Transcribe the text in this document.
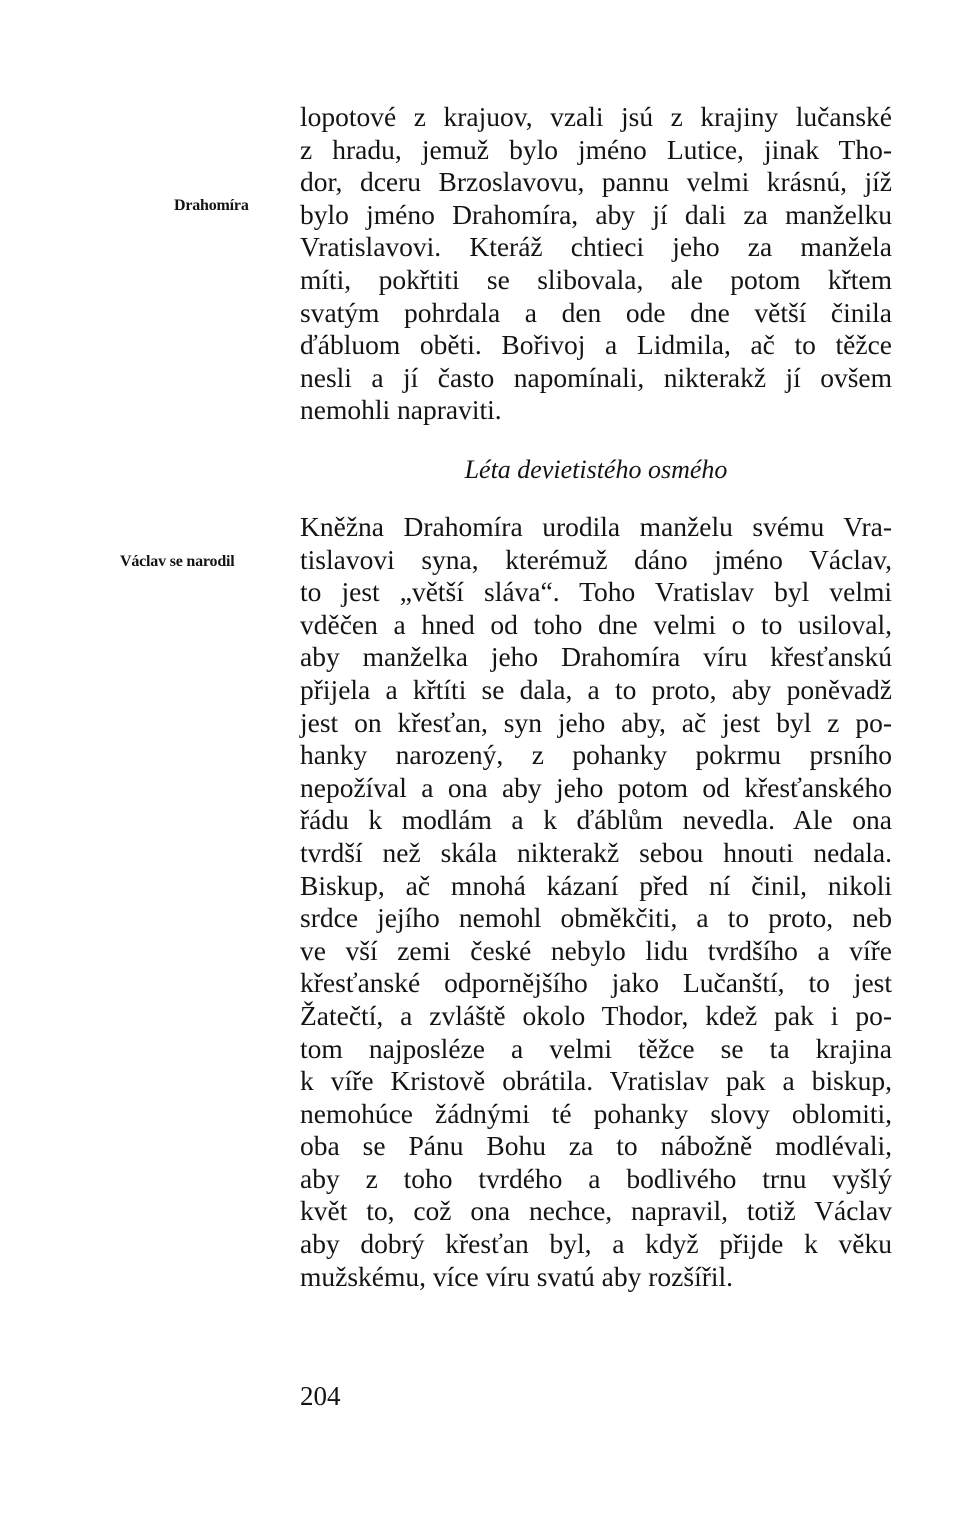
Drahomíra
lopotové z krajuov, vzali jsú z krajiny lučanské
z hradu, jemuž bylo jméno Lutice, jinak Tho-
dor, dceru Brzoslavovu, pannu velmi krásnú, jíž
bylo jméno Drahomíra, aby jí dali za manželku
Vratislavovi. Kteráž chtieci jeho za manžela
míti, pokřtiti se slibovala, ale potom křtem
svatým pohrdala a den ode dne větší činila
ďábluom oběti. Bořivoj a Lidmila, ač to těžce
nesli a jí často napomínali, nikterakž jí ovšem
nemohli napraviti.
Léta devietistého osmého
Václav se narodil
Kněžna Drahomíra urodila manželu svému Vra-
tislavovi syna, kterémuž dáno jméno Václav,
to jest „větší sláva“. Toho Vratislav byl velmi
vděčen a hned od toho dne velmi o to usiloval,
aby manželka jeho Drahomíra víru křesťanskú
přijela a křtíti se dala, a to proto, aby poněvadž
jest on křesťan, syn jeho aby, ač jest byl z po-
hanky narozený, z pohanky pokrmu prsního
nepožíval a ona aby jeho potom od křesťanského
řádu k modlám a k ďáblům nevedla. Ale ona
tvrdší než skála nikterakž sebou hnouti nedala.
Biskup, ač mnohá kázaní před ní činil, nikoli
srdce jejího nemohl obměkčiti, a to proto, neb
ve vší zemi české nebylo lidu tvrdšího a víře
křesťanské odpornějšího jako Lučanští, to jest
Žatečtí, a zvláště okolo Thodor, kdež pak i po-
tom najposléze a velmi těžce se ta krajina
k víře Kristově obrátila. Vratislav pak a biskup,
nemohúce žádnými té pohanky slovy oblomiti,
oba se Pánu Bohu za to nábožně modlévali,
aby z toho tvrdého a bodlivého trnu vyšlý
květ to, což ona nechce, napravil, totiž Václav
aby dobrý křesťan byl, a když přijde k věku
mužskému, více víru svatú aby rozšířil.
204
